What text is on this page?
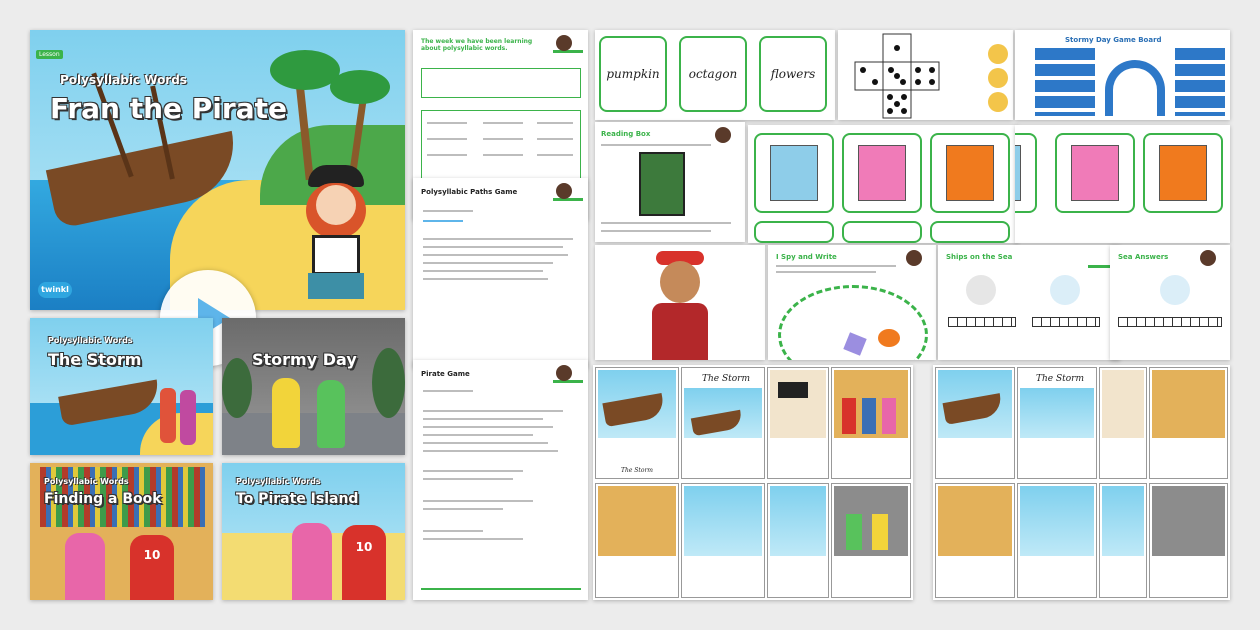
Lesson
Polysyllabic Words
Fran the Pirate
twinkl
Polysyllabic Words
The Storm	Stormy Day
10
Polysyllabic Words
Finding a Book
10
Polysyllabic Words
To Pirate Island
The week we have been learning about polysyllabic words.
Polysyllabic Paths Game
Pirate Game
pumpkin	octagon	flowers
Stormy Day Game Board
Reading Box
I Spy and Write	Ships on the Sea	Sea Answers
The Storm
The Storm	The Storm
